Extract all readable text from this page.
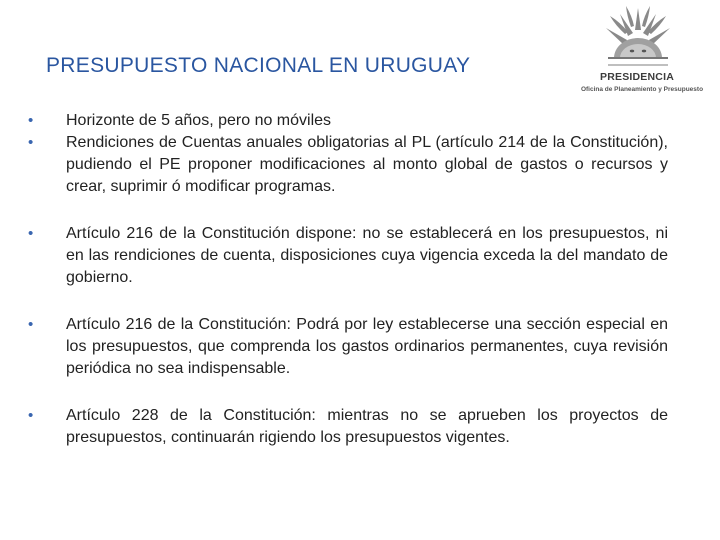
PRESUPUESTO NACIONAL EN URUGUAY	PRESIDENCIA
Oficina de Planeamiento y Presupuesto
• Horizonte de 5 años, pero no móviles
• Rendiciones de Cuentas anuales obligatorias al PL (artículo 214 de la Constitución), pudiendo el PE proponer modificaciones al monto global de gastos o recursos y crear, suprimir ó modificar programas.
• Artículo 216 de la Constitución dispone: no se establecerá en los presupuestos, ni en las rendiciones de cuenta, disposiciones cuya vigencia exceda la del mandato de gobierno.
• Artículo 216 de la Constitución: Podrá por ley establecerse una sección especial en los presupuestos, que comprenda los gastos ordinarios permanentes, cuya revisión periódica no sea indispensable.
• Artículo 228 de la Constitución: mientras no se aprueben los proyectos de presupuestos, continuarán rigiendo los presupuestos vigentes.
